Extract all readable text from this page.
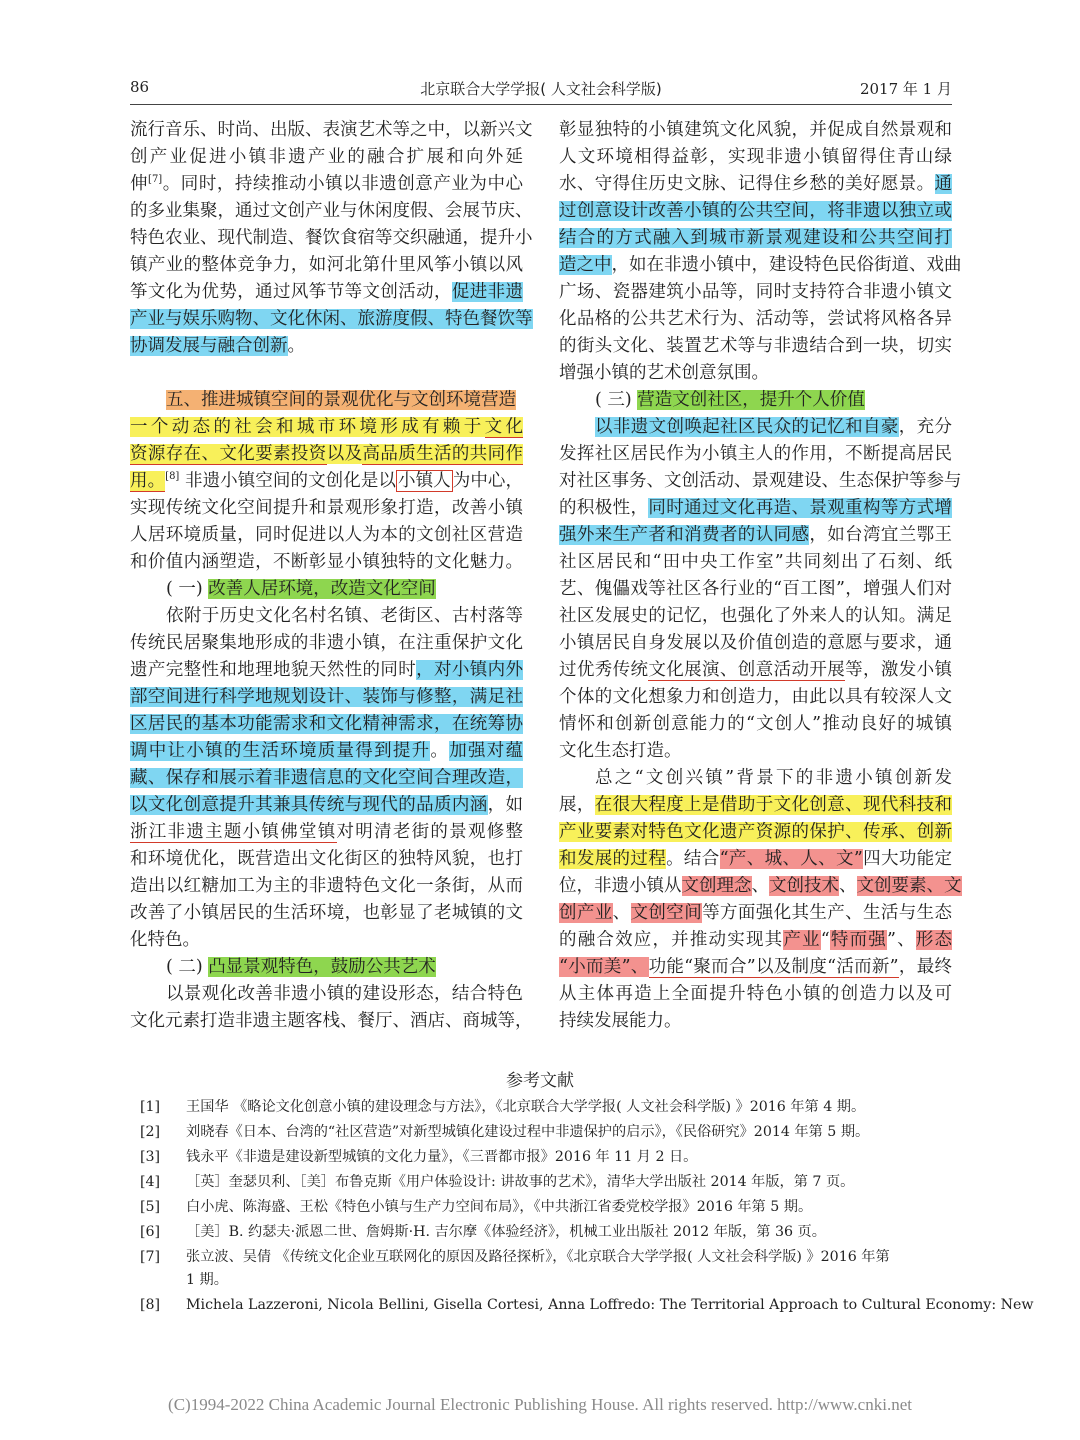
86	北京联合大学学报( 人文社会科学版)	2017 年 1 月
流行音乐、时尚、出版、表演艺术等之中，以新兴文
创产业促进小镇非遗产业的融合扩展和向外延
伸[7]。同时，持续推动小镇以非遗创意产业为中心
的多业集聚，通过文创产业与休闲度假、会展节庆、
特色农业、现代制造、餐饮食宿等交织融通，提升小
镇产业的整体竞争力，如河北第什里风筝小镇以风
筝文化为优势，通过风筝节等文创活动，促进非遗
产业与娱乐购物、文化休闲、旅游度假、特色餐饮等
协调发展与融合创新。
五、推进城镇空间的景观优化与文创环境营造
一个动态的社会和城市环境形成有赖于文化
资源存在、文化要素投资以及高品质生活的共同作
用。[8] 非遗小镇空间的文创化是以 小镇人 为中心，
实现传统文化空间提升和景观形象打造，改善小镇
人居环境质量，同时促进以人为本的文创社区营造
和价值内涵塑造，不断彰显小镇独特的文化魅力。
( 一) 改善人居环境，改造文化空间
依附于历史文化名村名镇、老街区、古村落等
传统民居聚集地形成的非遗小镇，在注重保护文化
遗产完整性和地理地貌天然性的同时，对小镇内外
部空间进行科学地规划设计、装饰与修整，满足社
区居民的基本功能需求和文化精神需求，在统筹协
调中让小镇的生活环境质量得到提升。加强对蕴
藏、保存和展示着非遗信息的文化空间合理改造，
以文化创意提升其兼具传统与现代的品质内涵，如
浙江非遗主题小镇佛堂镇对明清老街的景观修整
和环境优化，既营造出文化街区的独特风貌，也打
造出以红糖加工为主的非遗特色文化一条街，从而
改善了小镇居民的生活环境，也彰显了老城镇的文
化特色。
( 二) 凸显景观特色，鼓励公共艺术
以景观化改善非遗小镇的建设形态，结合特色
文化元素打造非遗主题客栈、餐厅、酒店、商城等，
彰显独特的小镇建筑文化风貌，并促成自然景观和
人文环境相得益彰，实现非遗小镇留得住青山绿
水、守得住历史文脉、记得住乡愁的美好愿景。通
过创意设计改善小镇的公共空间，将非遗以独立或
结合的方式融入到城市新景观建设和公共空间打
造之中，如在非遗小镇中，建设特色民俗街道、戏曲
广场、瓷器建筑小品等，同时支持符合非遗小镇文
化品格的公共艺术行为、活动等，尝试将风格各异
的街头文化、装置艺术等与非遗结合到一块，切实
增强小镇的艺术创意氛围。
( 三) 营造文创社区，提升个人价值
以非遗文创唤起社区民众的记忆和自豪，充分
发挥社区居民作为小镇主人的作用，不断提高居民
对社区事务、文创活动、景观建设、生态保护等参与
的积极性，同时通过文化再造、景观重构等方式增
强外来生产者和消费者的认同感，如台湾宜兰鄂王
社区居民和“田中央工作室”共同刻出了石刻、纸
艺、傀儡戏等社区各行业的“百工图”，增强人们对
社区发展史的记忆，也强化了外来人的认知。满足
小镇居民自身发展以及价值创造的意愿与要求，通
过优秀传统文化展演、创意活动开展等，激发小镇
个体的文化想象力和创造力，由此以具有较深人文
情怀和创新创意能力的“文创人”推动良好的城镇
文化生态打造。
总之“文创兴镇”背景下的非遗小镇创新发
展，在很大程度上是借助于文化创意、现代科技和
产业要素对特色文化遗产资源的保护、传承、创新
和发展的过程。结合“产、城、人、文”四大功能定
位，非遗小镇从文创理念、文创技术、文创要素、文
创产业、文创空间等方面强化其生产、生活与生态
的融合效应，并推动实现其产业“特而强”、形态
“小而美”、功能“聚而合”以及制度“活而新”，最终
从主体再造上全面提升特色小镇的创造力以及可
持续发展能力。
参考文献
[1] 王国华 《略论文化创意小镇的建设理念与方法》，《北京联合大学学报( 人文社会科学版) 》2016 年第 4 期。
[2] 刘晓春《日本、台湾的“社区营造”对新型城镇化建设过程中非遗保护的启示》，《民俗研究》2014 年第 5 期。
[3] 钱永平《非遗是建设新型城镇的文化力量》，《三晋都市报》2016 年 11 月 2 日。
[4] ［英］奎瑟贝利、［美］布鲁克斯《用户体验设计: 讲故事的艺术》，清华大学出版社 2014 年版，第 7 页。
[5] 白小虎、陈海盛、王松《特色小镇与生产力空间布局》，《中共浙江省委党校学报》2016 年第 5 期。
[6] ［美］B. 约瑟夫·派恩二世、詹姆斯·H. 吉尔摩《体验经济》，机械工业出版社 2012 年版，第 36 页。
[7] 张立波、吴倩 《传统文化企业互联网化的原因及路径探析》，《北京联合大学学报( 人文社会科学版) 》2016 年第
1 期。
[8] Michela Lazzeroni, Nicola Bellini, Gisella Cortesi, Anna Loffredo: The Territorial Approach to Cultural Economy: New
(C)1994-2022 China Academic Journal Electronic Publishing House. All rights reserved. http://www.cnki.net
